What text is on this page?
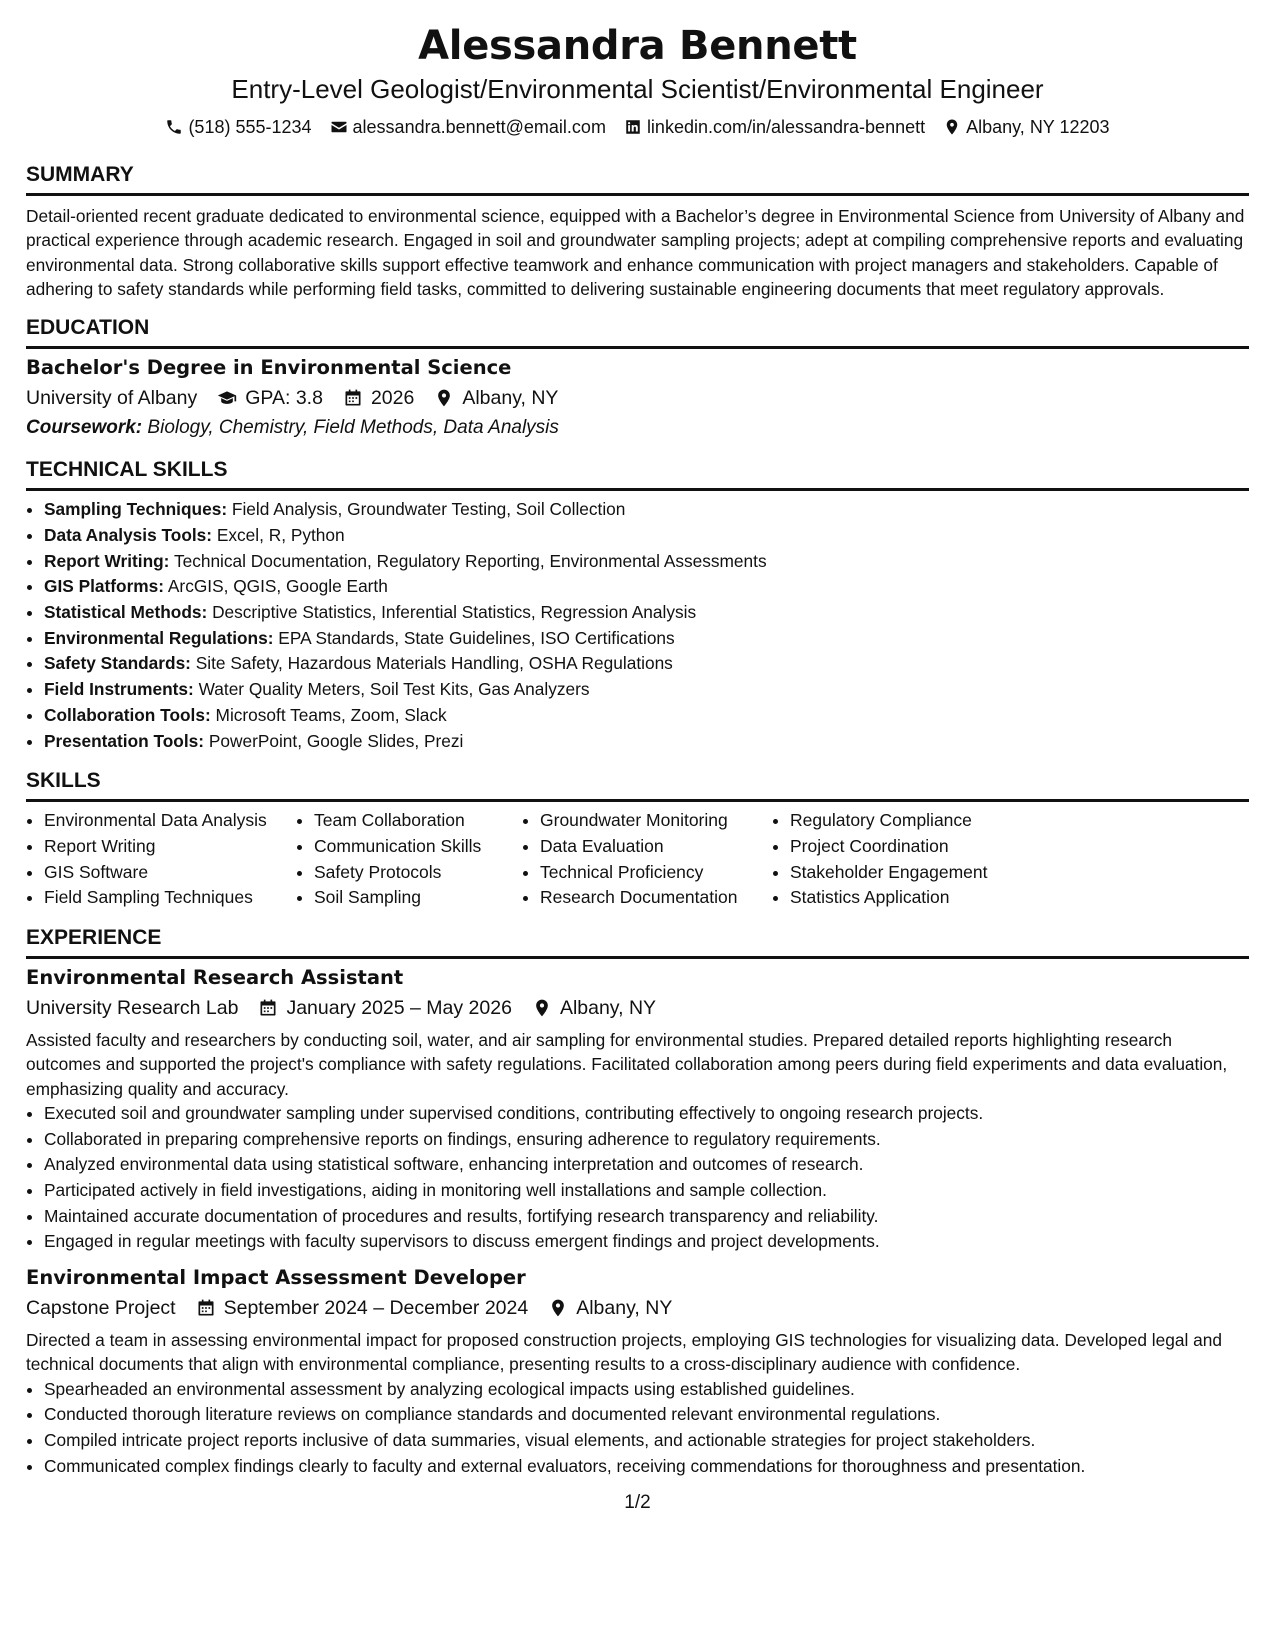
Alessandra Bennett
Entry-Level Geologist/Environmental Scientist/Environmental Engineer
(518) 555-1234 alessandra.bennett@email.com linkedin.com/in/alessandra-bennett Albany, NY 12203
SUMMARY

Detail-oriented recent graduate dedicated to environmental science, equipped with a Bachelor’s degree in Environmental Science from University of Albany and practical experience through academic research. Engaged in soil and groundwater sampling projects; adept at compiling comprehensive reports and evaluating environmental data. Strong collaborative skills support effective teamwork and enhance communication with project managers and stakeholders. Capable of adhering to safety standards while performing field tasks, committed to delivering sustainable engineering documents that meet regulatory approvals.

EDUCATION
Bachelor's Degree in Environmental Science
University of Albany GPA: 3.8 2026 Albany, NY
Coursework: Biology, Chemistry, Field Methods, Data Analysis
TECHNICAL SKILLS
• Sampling Techniques: Field Analysis, Groundwater Testing, Soil Collection
• Data Analysis Tools: Excel, R, Python
• Report Writing: Technical Documentation, Regulatory Reporting, Environmental Assessments
• GIS Platforms: ArcGIS, QGIS, Google Earth
• Statistical Methods: Descriptive Statistics, Inferential Statistics, Regression Analysis
• Environmental Regulations: EPA Standards, State Guidelines, ISO Certifications
• Safety Standards: Site Safety, Hazardous Materials Handling, OSHA Regulations
• Field Instruments: Water Quality Meters, Soil Test Kits, Gas Analyzers
• Collaboration Tools: Microsoft Teams, Zoom, Slack
• Presentation Tools: PowerPoint, Google Slides, Prezi
SKILLS
• Environmental Data Analysis
• Report Writing
• GIS Software
• Field Sampling Techniques
• Team Collaboration
• Communication Skills
• Safety Protocols
• Soil Sampling
• Groundwater Monitoring
• Data Evaluation
• Technical Proficiency
• Research Documentation
• Regulatory Compliance
• Project Coordination
• Stakeholder Engagement
• Statistics Application
EXPERIENCE
Environmental Research Assistant
University Research Lab January 2025 – May 2026 Albany, NY

Assisted faculty and researchers by conducting soil, water, and air sampling for environmental studies. Prepared detailed reports highlighting research outcomes and supported the project's compliance with safety regulations. Facilitated collaboration among peers during field experiments and data evaluation, emphasizing quality and accuracy.

• Executed soil and groundwater sampling under supervised conditions, contributing effectively to ongoing research projects.
• Collaborated in preparing comprehensive reports on findings, ensuring adherence to regulatory requirements.
• Analyzed environmental data using statistical software, enhancing interpretation and outcomes of research.
• Participated actively in field investigations, aiding in monitoring well installations and sample collection.
• Maintained accurate documentation of procedures and results, fortifying research transparency and reliability.
• Engaged in regular meetings with faculty supervisors to discuss emergent findings and project developments.
Environmental Impact Assessment Developer
Capstone Project September 2024 – December 2024 Albany, NY

Directed a team in assessing environmental impact for proposed construction projects, employing GIS technologies for visualizing data. Developed legal and technical documents that align with environmental compliance, presenting results to a cross-disciplinary audience with confidence.

• Spearheaded an environmental assessment by analyzing ecological impacts using established guidelines.
• Conducted thorough literature reviews on compliance standards and documented relevant environmental regulations.
• Compiled intricate project reports inclusive of data summaries, visual elements, and actionable strategies for project stakeholders.
• Communicated complex findings clearly to faculty and external evaluators, receiving commendations for thoroughness and presentation.
1/2
